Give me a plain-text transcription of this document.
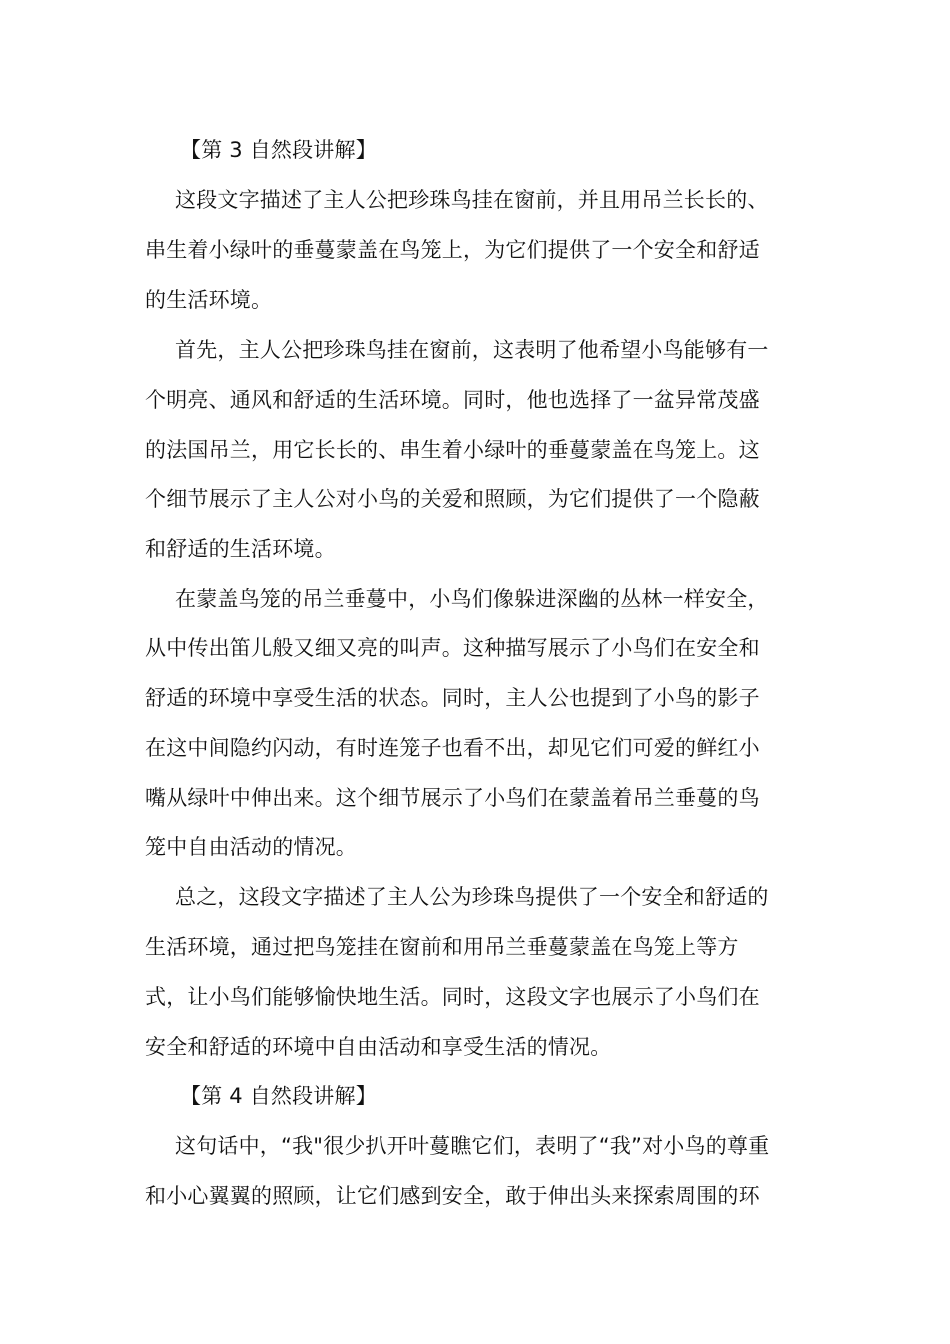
【第 3 自然段讲解】
这段文字描述了主人公把珍珠鸟挂在窗前，并且用吊兰长长的、
串生着小绿叶的垂蔓蒙盖在鸟笼上，为它们提供了一个安全和舒适
的生活环境。
首先，主人公把珍珠鸟挂在窗前，这表明了他希望小鸟能够有一
个明亮、通风和舒适的生活环境。同时，他也选择了一盆异常茂盛
的法国吊兰，用它长长的、串生着小绿叶的垂蔓蒙盖在鸟笼上。这
个细节展示了主人公对小鸟的关爱和照顾，为它们提供了一个隐蔽
和舒适的生活环境。
在蒙盖鸟笼的吊兰垂蔓中，小鸟们像躲进深幽的丛林一样安全，
从中传出笛儿般又细又亮的叫声。这种描写展示了小鸟们在安全和
舒适的环境中享受生活的状态。同时，主人公也提到了小鸟的影子
在这中间隐约闪动，有时连笼子也看不出，却见它们可爱的鲜红小
嘴从绿叶中伸出来。这个细节展示了小鸟们在蒙盖着吊兰垂蔓的鸟
笼中自由活动的情况。
总之，这段文字描述了主人公为珍珠鸟提供了一个安全和舒适的
生活环境，通过把鸟笼挂在窗前和用吊兰垂蔓蒙盖在鸟笼上等方
式，让小鸟们能够愉快地生活。同时，这段文字也展示了小鸟们在
安全和舒适的环境中自由活动和享受生活的情况。
【第 4 自然段讲解】
这句话中，“我"很少扒开叶蔓瞧它们，表明了“我”对小鸟的尊重
和小心翼翼的照顾，让它们感到安全，敢于伸出头来探索周围的环
